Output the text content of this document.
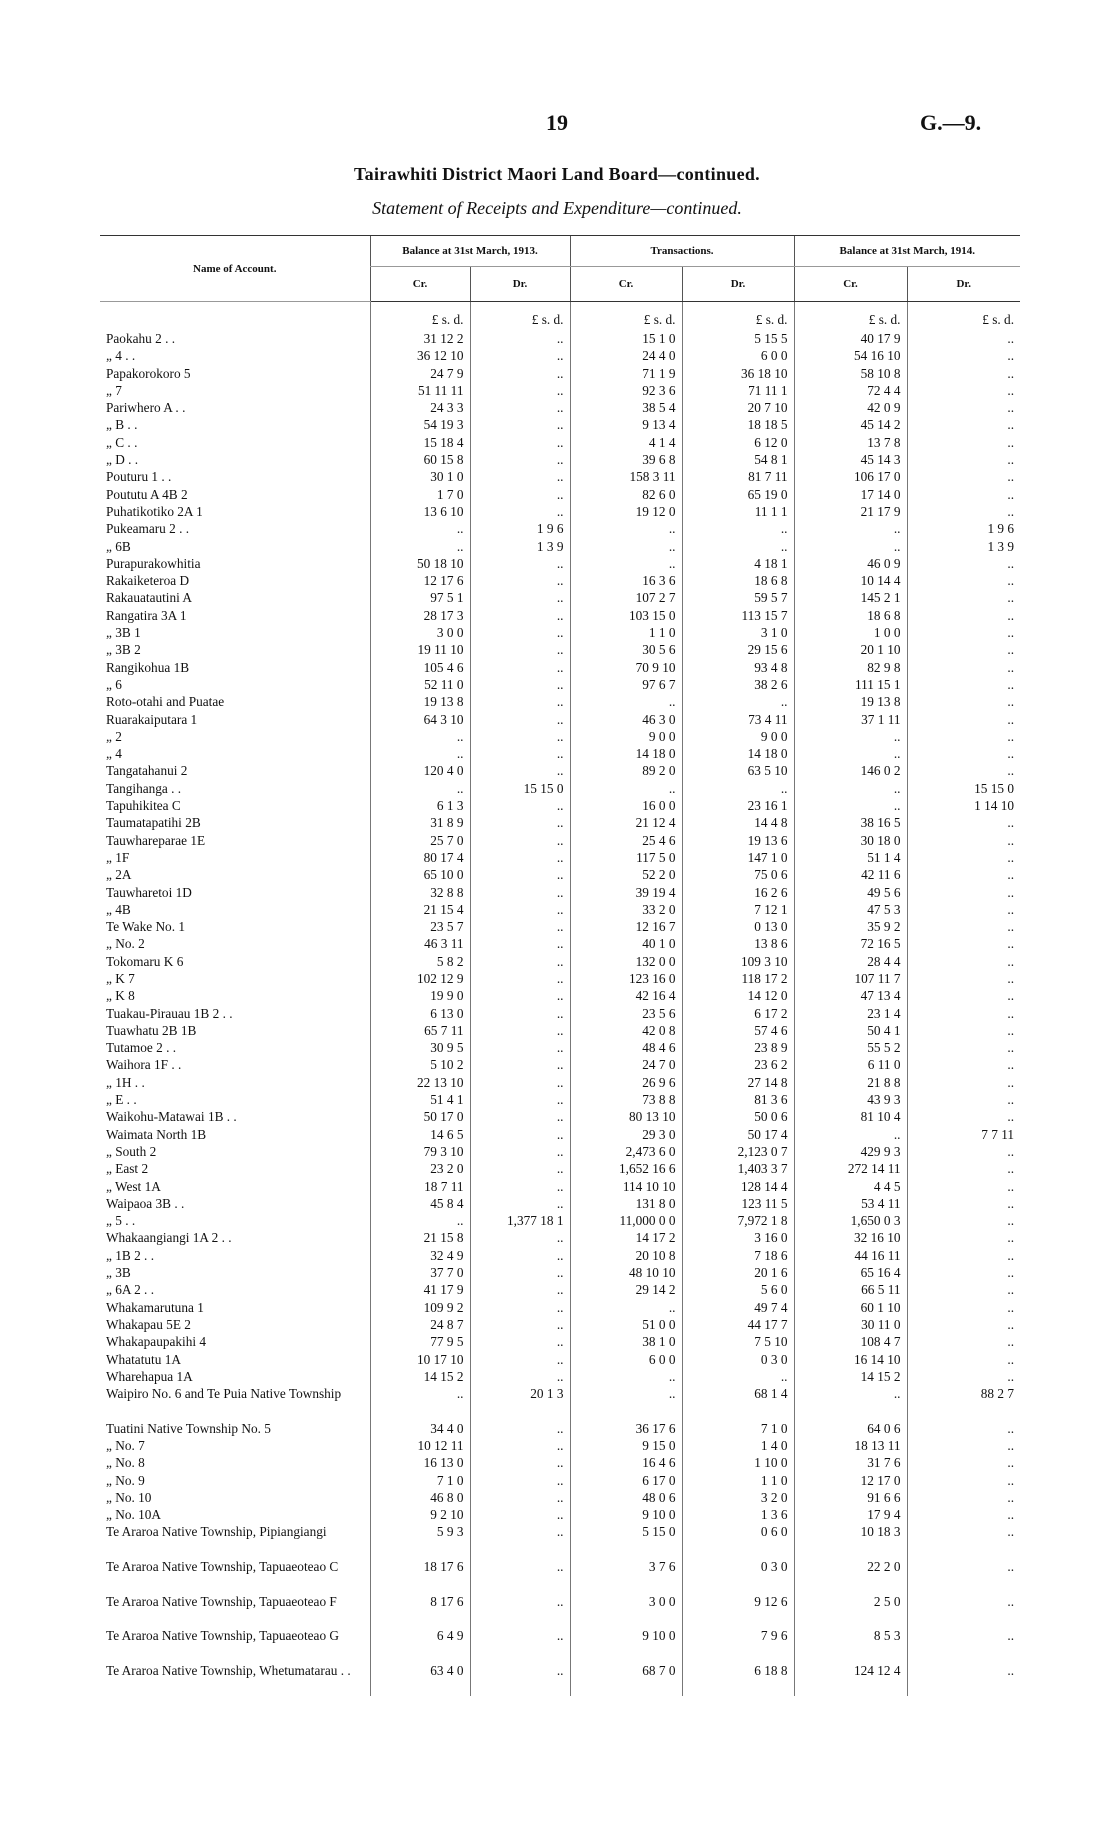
19	G.—9.
Tairawhiti District Maori Land Board—continued.
Statement of Receipts and Expenditure—continued.
Name of Account.	Balance at 31st March, 1913.		Transactions.		Balance at 31st March, 1914.	
	Cr.	Dr.	Cr.	Dr.	Cr.	Dr.
	£ s. d.	£ s. d.	£ s. d.	£ s. d.	£ s. d.	£ s. d.
Paokahu 2 . .	31 12 2	..	15 1 0	5 15 5	40 17 9	..
„ 4 . .	36 12 10	..	24 4 0	6 0 0	54 16 10	..
Papakorokoro 5	24 7 9	..	71 1 9	36 18 10	58 10 8	..
„ 7	51 11 11	..	92 3 6	71 11 1	72 4 4	..
Pariwhero A . .	24 3 3	..	38 5 4	20 7 10	42 0 9	..
„ B . .	54 19 3	..	9 13 4	18 18 5	45 14 2	..
„ C . .	15 18 4	..	4 1 4	6 12 0	13 7 8	..
„ D . .	60 15 8	..	39 6 8	54 8 1	45 14 3	..
Pouturu 1 . .	30 1 0	..	158 3 11	81 7 11	106 17 0	..
Poututu A 4B 2	1 7 0	..	82 6 0	65 19 0	17 14 0	..
Puhatikotiko 2A 1	13 6 10	..	19 12 0	11 1 1	21 17 9	..
Pukeamaru 2 . .	..	1 9 6	..	..	..	1 9 6
„ 6B	..	1 3 9	..	..	..	1 3 9
Purapurakowhitia	50 18 10	..	..	4 18 1	46 0 9	..
Rakaiketeroa D	12 17 6	..	16 3 6	18 6 8	10 14 4	..
Rakauatautini A	97 5 1	..	107 2 7	59 5 7	145 2 1	..
Rangatira 3A 1	28 17 3	..	103 15 0	113 15 7	18 6 8	..
„ 3B 1	3 0 0	..	1 1 0	3 1 0	1 0 0	..
„ 3B 2	19 11 10	..	30 5 6	29 15 6	20 1 10	..
Rangikohua 1B	105 4 6	..	70 9 10	93 4 8	82 9 8	..
„ 6	52 11 0	..	97 6 7	38 2 6	111 15 1	..
Roto-otahi and Puatae	19 13 8	..	..	..	19 13 8	..
Ruarakaiputara 1	64 3 10	..	46 3 0	73 4 11	37 1 11	..
„ 2	..	..	9 0 0	9 0 0	..	..
„ 4	..	..	14 18 0	14 18 0	..	..
Tangatahanui 2	120 4 0	..	89 2 0	63 5 10	146 0 2	..
Tangihanga . .	..	15 15 0	..	..	..	15 15 0
Tapuhikitea C	6 1 3	..	16 0 0	23 16 1	..	1 14 10
Taumatapatihi 2B	31 8 9	..	21 12 4	14 4 8	38 16 5	..
Tauwhareparae 1E	25 7 0	..	25 4 6	19 13 6	30 18 0	..
„ 1F	80 17 4	..	117 5 0	147 1 0	51 1 4	..
„ 2A	65 10 0	..	52 2 0	75 0 6	42 11 6	..
Tauwharetoi 1D	32 8 8	..	39 19 4	16 2 6	49 5 6	..
„ 4B	21 15 4	..	33 2 0	7 12 1	47 5 3	..
Te Wake No. 1	23 5 7	..	12 16 7	0 13 0	35 9 2	..
„ No. 2	46 3 11	..	40 1 0	13 8 6	72 16 5	..
Tokomaru K 6	5 8 2	..	132 0 0	109 3 10	28 4 4	..
„ K 7	102 12 9	..	123 16 0	118 17 2	107 11 7	..
„ K 8	19 9 0	..	42 16 4	14 12 0	47 13 4	..
Tuakau-Pirauau 1B 2 . .	6 13 0	..	23 5 6	6 17 2	23 1 4	..
Tuawhatu 2B 1B	65 7 11	..	42 0 8	57 4 6	50 4 1	..
Tutamoe 2 . .	30 9 5	..	48 4 6	23 8 9	55 5 2	..
Waihora 1F . .	5 10 2	..	24 7 0	23 6 2	6 11 0	..
„ 1H . .	22 13 10	..	26 9 6	27 14 8	21 8 8	..
„ E . .	51 4 1	..	73 8 8	81 3 6	43 9 3	..
Waikohu-Matawai 1B . .	50 17 0	..	80 13 10	50 0 6	81 10 4	..
Waimata North 1B	14 6 5	..	29 3 0	50 17 4	..	7 7 11
„ South 2	79 3 10	..	2,473 6 0	2,123 0 7	429 9 3	..
„ East 2	23 2 0	..	1,652 16 6	1,403 3 7	272 14 11	..
„ West 1A	18 7 11	..	114 10 10	128 14 4	4 4 5	..
Waipaoa 3B . .	45 8 4	..	131 8 0	123 11 5	53 4 11	..
„ 5 . .	..	1,377 18 1	11,000 0 0	7,972 1 8	1,650 0 3	..
Whakaangiangi 1A 2 . .	21 15 8	..	14 17 2	3 16 0	32 16 10	..
„ 1B 2 . .	32 4 9	..	20 10 8	7 18 6	44 16 11	..
„ 3B	37 7 0	..	48 10 10	20 1 6	65 16 4	..
„ 6A 2 . .	41 17 9	..	29 14 2	5 6 0	66 5 11	..
Whakamarutuna 1	109 9 2	..	..	49 7 4	60 1 10	..
Whakapau 5E 2	24 8 7	..	51 0 0	44 17 7	30 11 0	..
Whakapaupakihi 4	77 9 5	..	38 1 0	7 5 10	108 4 7	..
Whatatutu 1A	10 17 10	..	6 0 0	0 3 0	16 14 10	..
Wharehapua 1A	14 15 2	..	..	..	14 15 2	..
Waipiro No. 6 and Te Puia Native Township	..	20 1 3	..	68 1 4	..	88 2 7
Tuatini Native Township No. 5	34 4 0	..	36 17 6	7 1 0	64 0 6	..
„ No. 7	10 12 11	..	9 15 0	1 4 0	18 13 11	..
„ No. 8	16 13 0	..	16 4 6	1 10 0	31 7 6	..
„ No. 9	7 1 0	..	6 17 0	1 1 0	12 17 0	..
„ No. 10	46 8 0	..	48 0 6	3 2 0	91 6 6	..
„ No. 10A	9 2 10	..	9 10 0	1 3 6	17 9 4	..
Te Araroa Native Township, Pipiangiangi	5 9 3	..	5 15 0	0 6 0	10 18 3	..
Te Araroa Native Township, Tapuaeoteao C	18 17 6	..	3 7 6	0 3 0	22 2 0	..
Te Araroa Native Township, Tapuaeoteao F	8 17 6	..	3 0 0	9 12 6	2 5 0	..
Te Araroa Native Township, Tapuaeoteao G	6 4 9	..	9 10 0	7 9 6	8 5 3	..
Te Araroa Native Township, Whetumatarau . .	63 4 0	..	68 7 0	6 18 8	124 12 4	..
